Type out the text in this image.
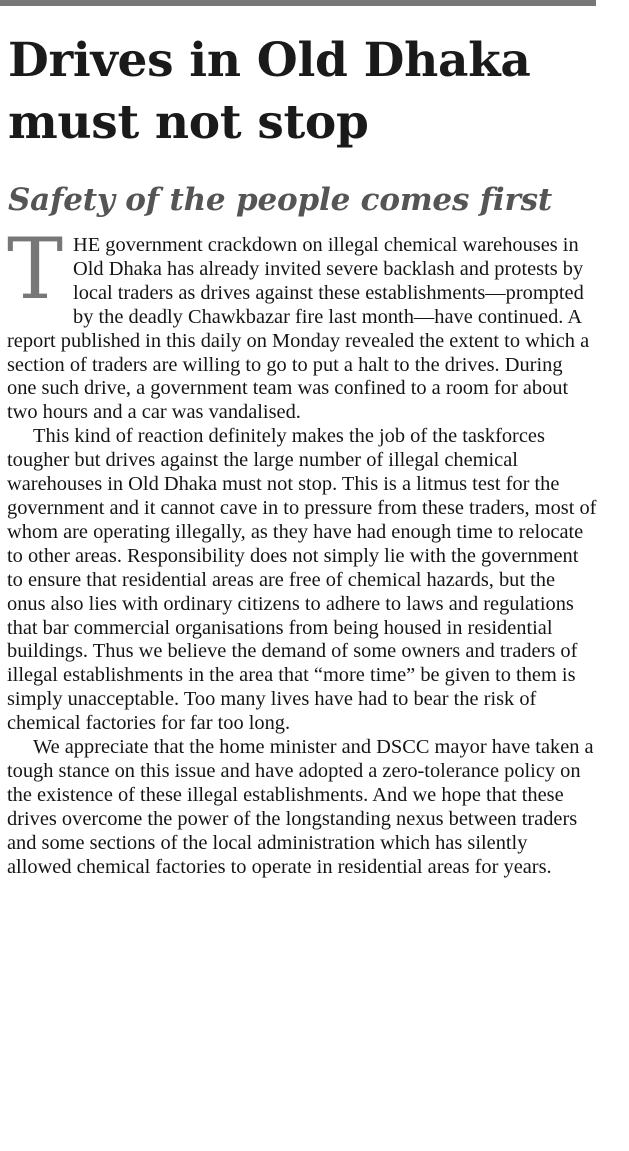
Drives in Old Dhaka must not stop
Safety of the people comes first

THE government crackdown on illegal chemical warehouses in Old Dhaka has already invited severe backlash and protests by local traders as drives against these establishments—prompted by the deadly Chawkbazar fire last month—have continued. A report published in this daily on Monday revealed the extent to which a section of traders are willing to go to put a halt to the drives. During one such drive, a government team was confined to a room for about two hours and a car was vandalised.

This kind of reaction definitely makes the job of the taskforces tougher but drives against the large number of illegal chemical warehouses in Old Dhaka must not stop. This is a litmus test for the government and it cannot cave in to pressure from these traders, most of whom are operating illegally, as they have had enough time to relocate to other areas. Responsibility does not simply lie with the government to ensure that residential areas are free of chemical hazards, but the onus also lies with ordinary citizens to adhere to laws and regulations that bar commercial organisations from being housed in residential buildings. Thus we believe the demand of some owners and traders of illegal establishments in the area that “more time” be given to them is simply unacceptable. Too many lives have had to bear the risk of chemical factories for far too long.

We appreciate that the home minister and DSCC mayor have taken a tough stance on this issue and have adopted a zero-tolerance policy on the existence of these illegal establishments. And we hope that these drives overcome the power of the longstanding nexus between traders and some sections of the local administration which has silently allowed chemical factories to operate in residential areas for years.
